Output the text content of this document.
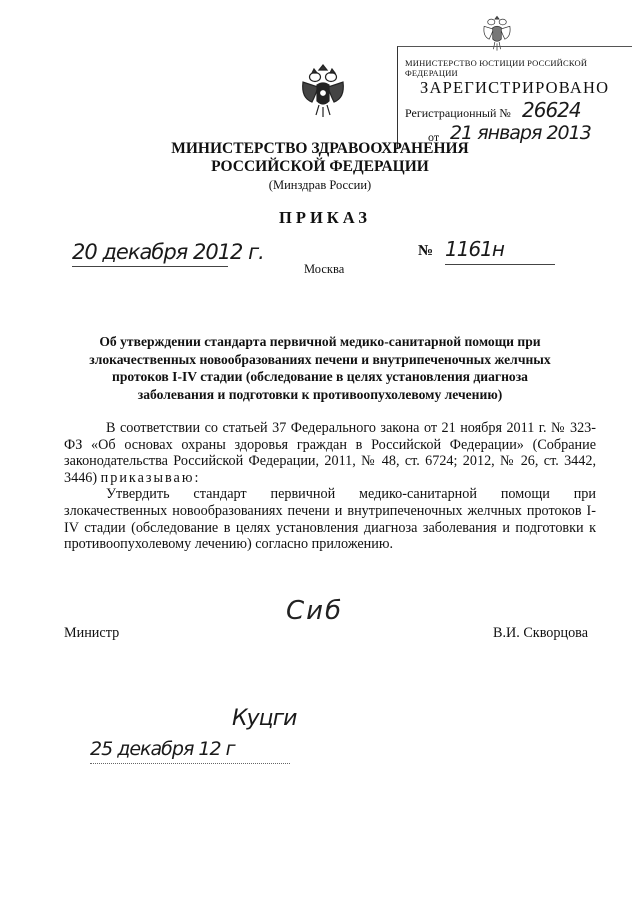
МИНИСТЕРСТВО ЮСТИЦИИ РОССИЙСКОЙ ФЕДЕРАЦИИ
ЗАРЕГИСТРИРОВАНО
Регистрационный № 26624
от 21 января 2013
МИНИСТЕРСТВО ЗДРАВООХРАНЕНИЯ
РОССИЙСКОЙ ФЕДЕРАЦИИ
(Минздрав России)
ПРИКАЗ
20 декабря 2012 г.
Москва
№ 1161н
Об утверждении стандарта первичной медико-санитарной помощи при
злокачественных новообразованиях печени и внутрипеченочных желчных
протоков I-IV стадии (обследование в целях установления диагноза
заболевания и подготовки к противоопухолевому лечению)

В соответствии со статьей 37 Федерального закона от 21 ноября 2011 г. № 323-ФЗ «Об основах охраны здоровья граждан в Российской Федерации» (Собрание законодательства Российской Федерации, 2011, № 48, ст. 6724; 2012, № 26, ст. 3442, 3446) приказываю:

Утвердить стандарт первичной медико-санитарной помощи при злокачественных новообразованиях печени и внутрипеченочных желчных протоков I-IV стадии (обследование в целях установления диагноза заболевания и подготовки к противоопухолевому лечению) согласно приложению.

Министр
Сиб
В.И. Скворцова
Куцги
25 декабря 12 г
